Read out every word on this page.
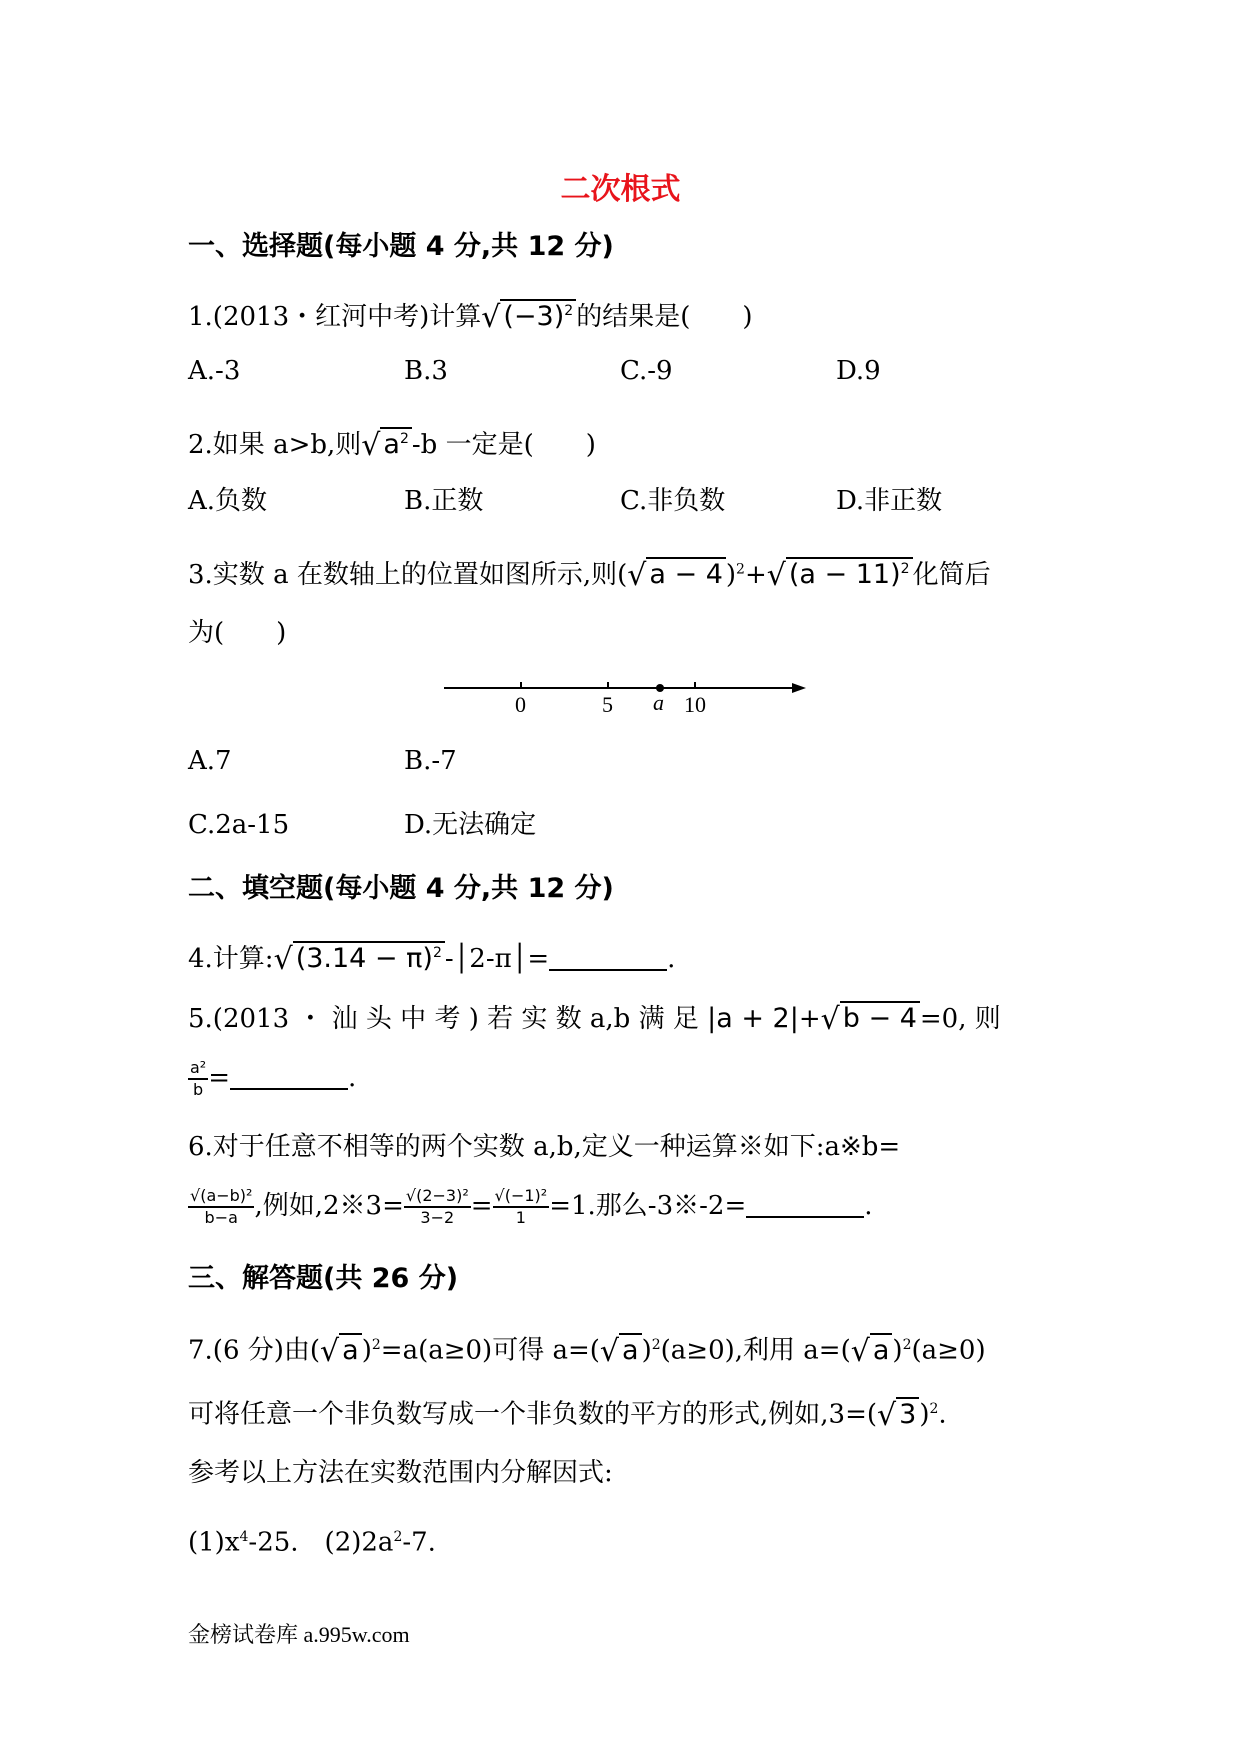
二次根式
一、选择题(每小题 4 分,共 12 分)
1.(2013・红河中考)计算√ $(-3)^2$ 的结果是(　　)
A.-3	B.3	C.-9	D.9
2.如果 a>b,则√ $a^2$ -b 一定是(　　)
A.负数	B.正数	C.非负数	D.非正数
3.实数 a 在数轴上的位置如图所示,则(√ a − 4 )$^2$+√ $(a - 11)^2$ 化简后
为(　　)
0	5 a 10
A.7	B.-7
C.2a-15	D.无法确定
二、填空题(每小题 4 分,共 12 分)
4.计算:√ $(3.14 - \pi)^2$ -│2-π│=	.
5.(2013 ・ 汕 头 中 考 ) 若 实 数 a,b 满 足 |a + 2|+√ b − 4 =0, 则
$\frac{\text{a²}}{b}$ =	.
6.对于任意不相等的两个实数 a,b,定义一种运算※如下:a※b=
$\frac{\text{√(a−b)²}}{b-a}$ ,例如,2※3= $\frac{\text{√(2−3)²}}{3-2} = \frac{\text{√(−1)²}}{1} =1$.那么-3※-2=	.
三、解答题(共 26 分)
7.(6 分)由(√ a )$^2$=a(a≥0)可得 a=(√ a )$^2$(a≥0),利用 a=(√ a )$^2$(a≥0)
可将任意一个非负数写成一个非负数的平方的形式,例如,3=(√ 3 )$^2$.
参考以上方法在实数范围内分解因式:
$(1)x^4-25$.　$(2)2a^2-7$.
金榜试卷库 a.995w.com
